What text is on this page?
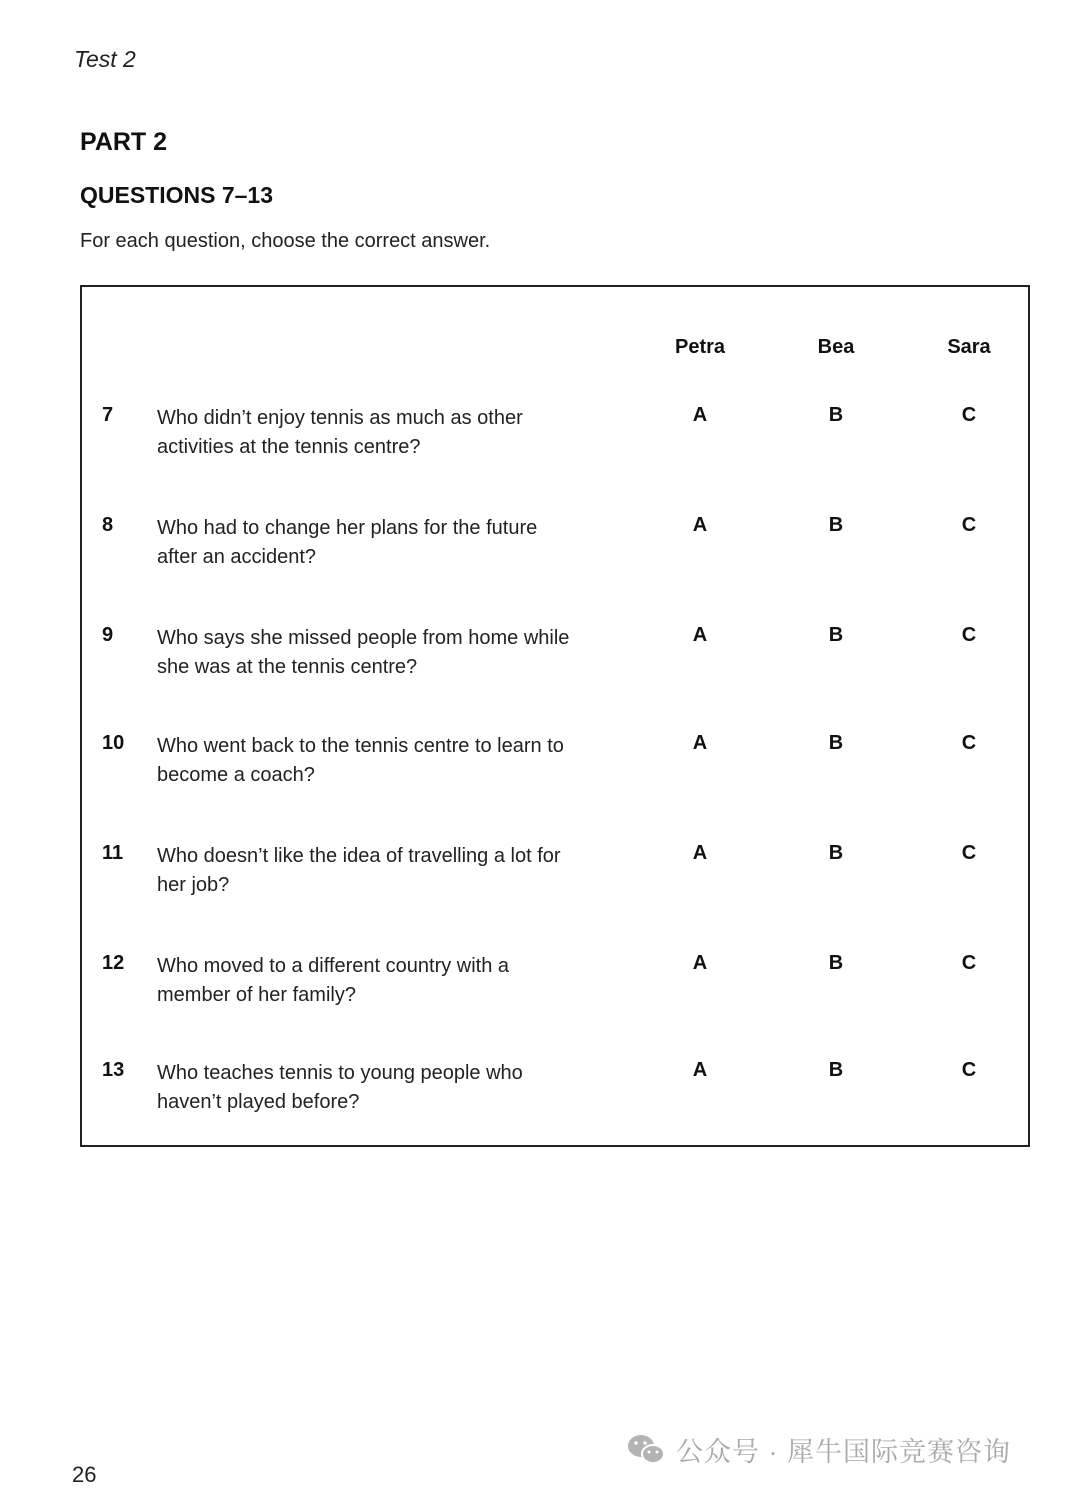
Test 2
PART 2
QUESTIONS 7–13
For each question, choose the correct answer.
Petra	Bea	Sara
7 Who didn’t enjoy tennis as much as other
activities at the tennis centre?
A	B	C
8 Who had to change her plans for the future
after an accident?
A	B	C
9 Who says she missed people from home while
she was at the tennis centre?
A	B	C
10 Who went back to the tennis centre to learn to
become a coach?
A	B	C
11 Who doesn’t like the idea of travelling a lot for
her job?
A	B	C
12 Who moved to a different country with a
member of her family?
A	B	C
13 Who teaches tennis to young people who
haven’t played before?
A	B	C
26
公众号 · 犀牛国际竞赛咨询
